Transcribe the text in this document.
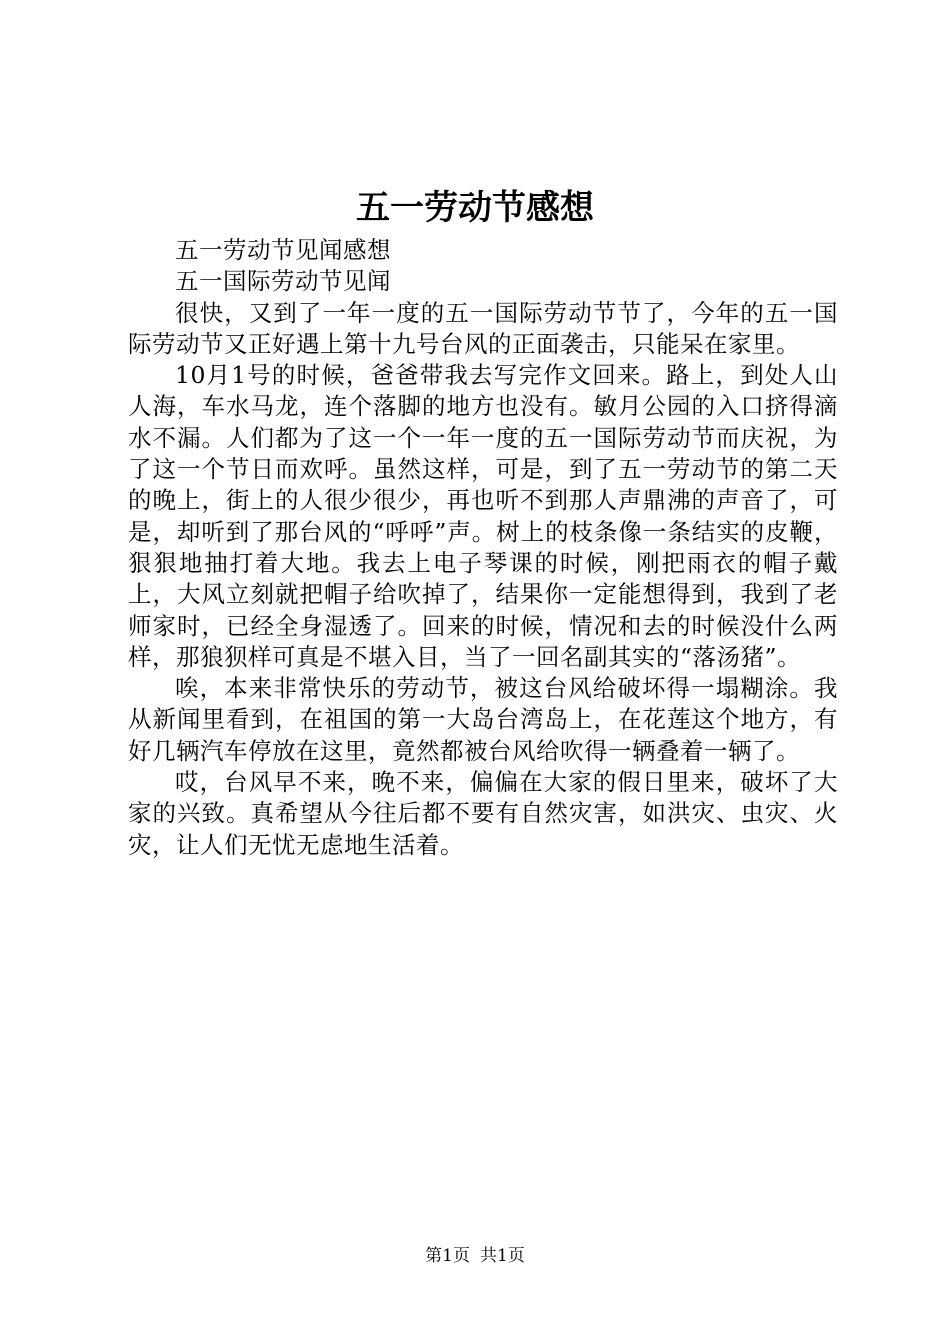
五一劳动节感想

五一劳动节见闻感想

五一国际劳动节见闻

很快，又到了一年一度的五一国际劳动节节了，今年的五一国际劳动节又正好遇上第十九号台风的正面袭击，只能呆在家里。

10月1号的时候，爸爸带我去写完作文回来。路上，到处人山人海，车水马龙，连个落脚的地方也没有。敏月公园的入口挤得滴水不漏。人们都为了这一个一年一度的五一国际劳动节而庆祝，为了这一个节日而欢呼。虽然这样，可是，到了五一劳动节的第二天的晚上，街上的人很少很少，再也听不到那人声鼎沸的声音了，可是，却听到了那台风的“呼呼”声。树上的枝条像一条结实的皮鞭，狠狠地抽打着大地。我去上电子琴课的时候，刚把雨衣的帽子戴上，大风立刻就把帽子给吹掉了，结果你一定能想得到，我到了老师家时，已经全身湿透了。回来的时候，情况和去的时候没什么两样，那狼狈样可真是不堪入目，当了一回名副其实的“落汤猪”。

唉，本来非常快乐的劳动节，被这台风给破坏得一塌糊涂。我从新闻里看到，在祖国的第一大岛台湾岛上，在花莲这个地方，有好几辆汽车停放在这里，竟然都被台风给吹得一辆叠着一辆了。

哎，台风早不来，晚不来，偏偏在大家的假日里来，破坏了大家的兴致。真希望从今往后都不要有自然灾害，如洪灾、虫灾、火灾，让人们无忧无虑地生活着。

第1页 共1页
